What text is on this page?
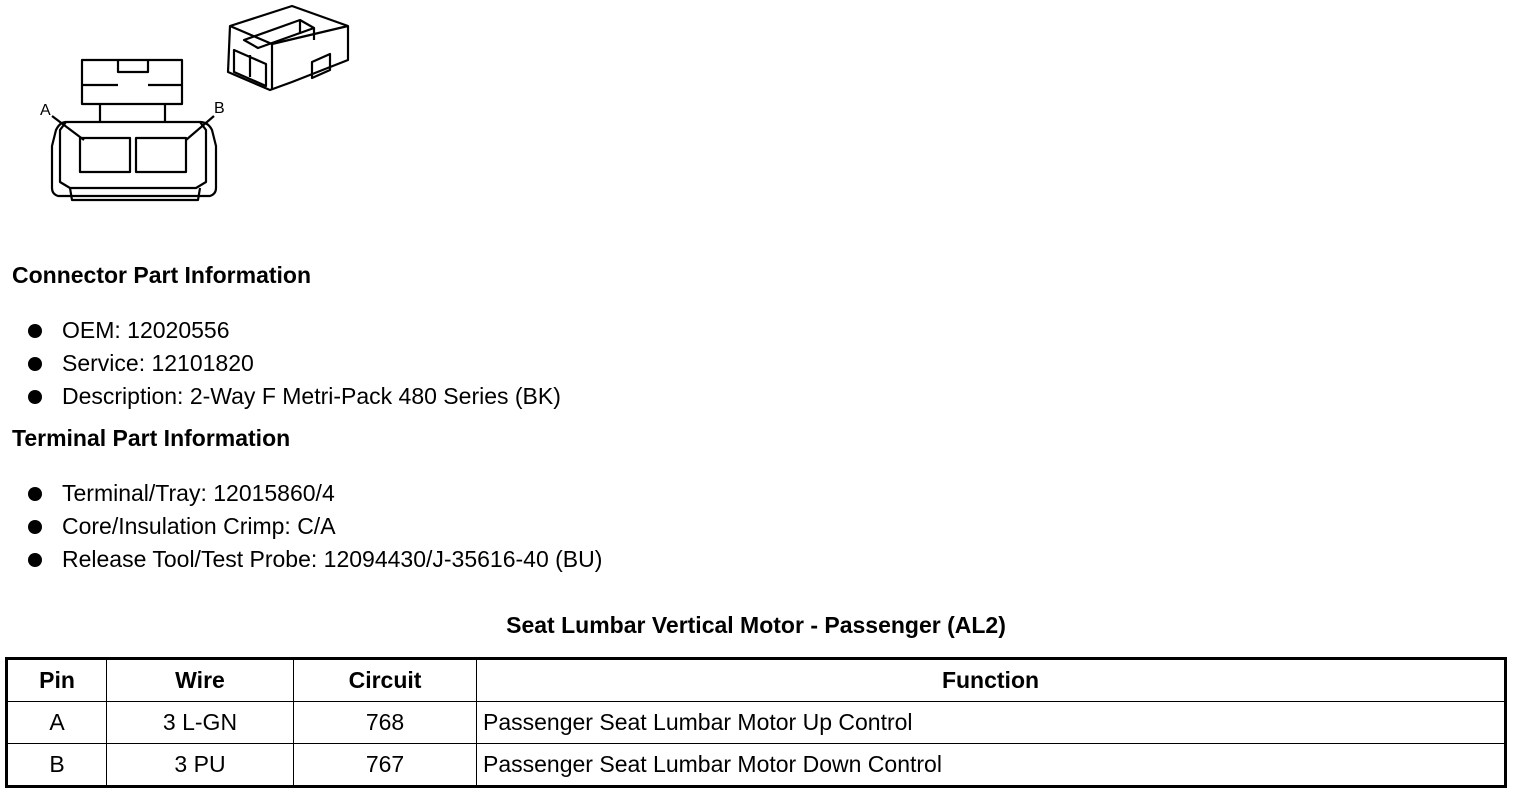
A	B
Connector Part Information
OEM: 12020556
Service: 12101820
Description: 2-Way F Metri-Pack 480 Series (BK)
Terminal Part Information
Terminal/Tray: 12015860/4
Core/Insulation Crimp: C/A
Release Tool/Test Probe: 12094430/J-35616-40 (BU)
Seat Lumbar Vertical Motor - Passenger (AL2)
Pin	Wire	Circuit	Function
A	3 L-GN	768	Passenger Seat Lumbar Motor Up Control
B	3 PU	767	Passenger Seat Lumbar Motor Down Control
